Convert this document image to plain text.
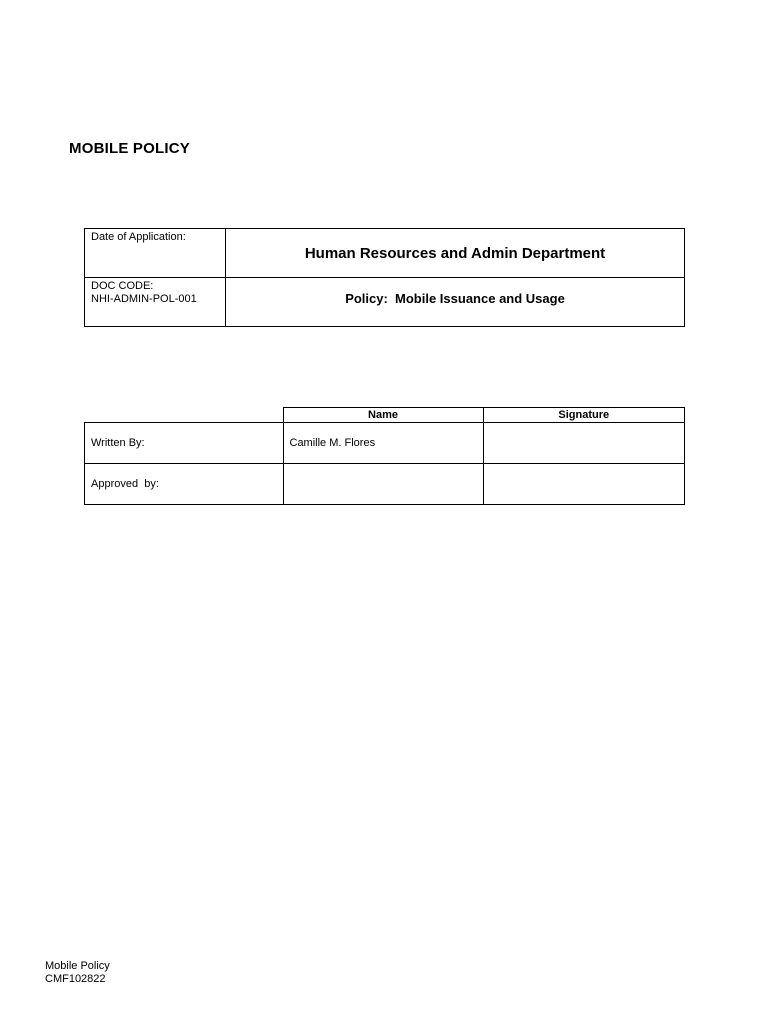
MOBILE POLICY
Date of Application:	Human Resources and Admin Department

DOC CODE:
NHI-ADMIN-POL-001	Policy:  Mobile Issuance and Usage
	Name	Signature
Written By:	Camille M. Flores	
Approved  by:		
Mobile Policy
CMF102822
